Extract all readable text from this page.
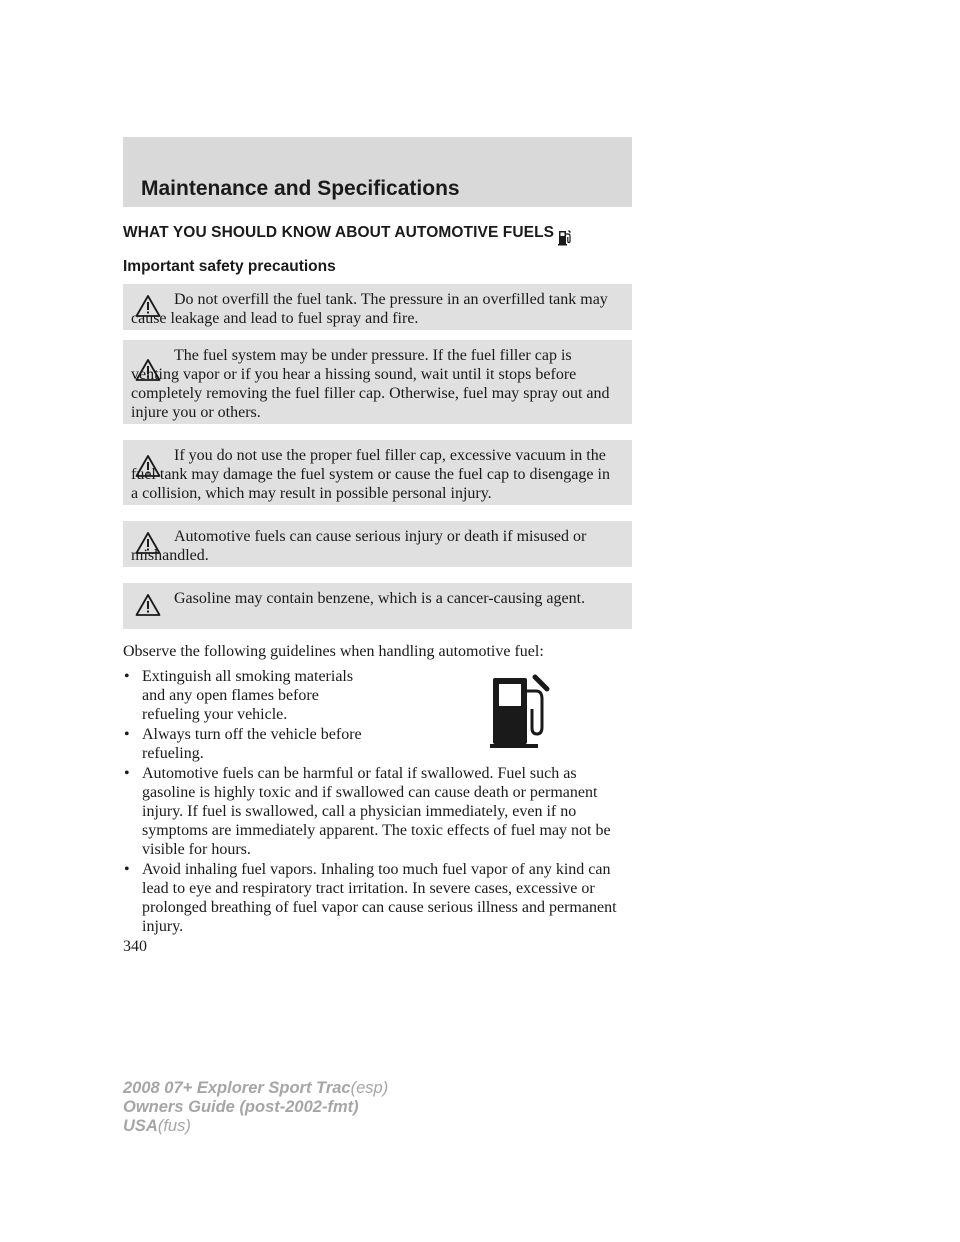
Maintenance and Specifications
WHAT YOU SHOULD KNOW ABOUT AUTOMOTIVE FUELS
Important safety precautions
Do not overfill the fuel tank. The pressure in an overfilled tank may cause leakage and lead to fuel spray and fire.
The fuel system may be under pressure. If the fuel filler cap is venting vapor or if you hear a hissing sound, wait until it stops before completely removing the fuel filler cap. Otherwise, fuel may spray out and injure you or others.
If you do not use the proper fuel filler cap, excessive vacuum in the fuel tank may damage the fuel system or cause the fuel cap to disengage in a collision, which may result in possible personal injury.
Automotive fuels can cause serious injury or death if misused or mishandled.
Gasoline may contain benzene, which is a cancer-causing agent.
Observe the following guidelines when handling automotive fuel:
• Extinguish all smoking materials and any open flames before refueling your vehicle.
• Always turn off the vehicle before refueling.
• Automotive fuels can be harmful or fatal if swallowed. Fuel such as gasoline is highly toxic and if swallowed can cause death or permanent injury. If fuel is swallowed, call a physician immediately, even if no symptoms are immediately apparent. The toxic effects of fuel may not be visible for hours.
• Avoid inhaling fuel vapors. Inhaling too much fuel vapor of any kind can lead to eye and respiratory tract irritation. In severe cases, excessive or prolonged breathing of fuel vapor can cause serious illness and permanent injury.
340
2008 07+ Explorer Sport Trac(esp)
Owners Guide (post-2002-fmt)
USA(fus)
